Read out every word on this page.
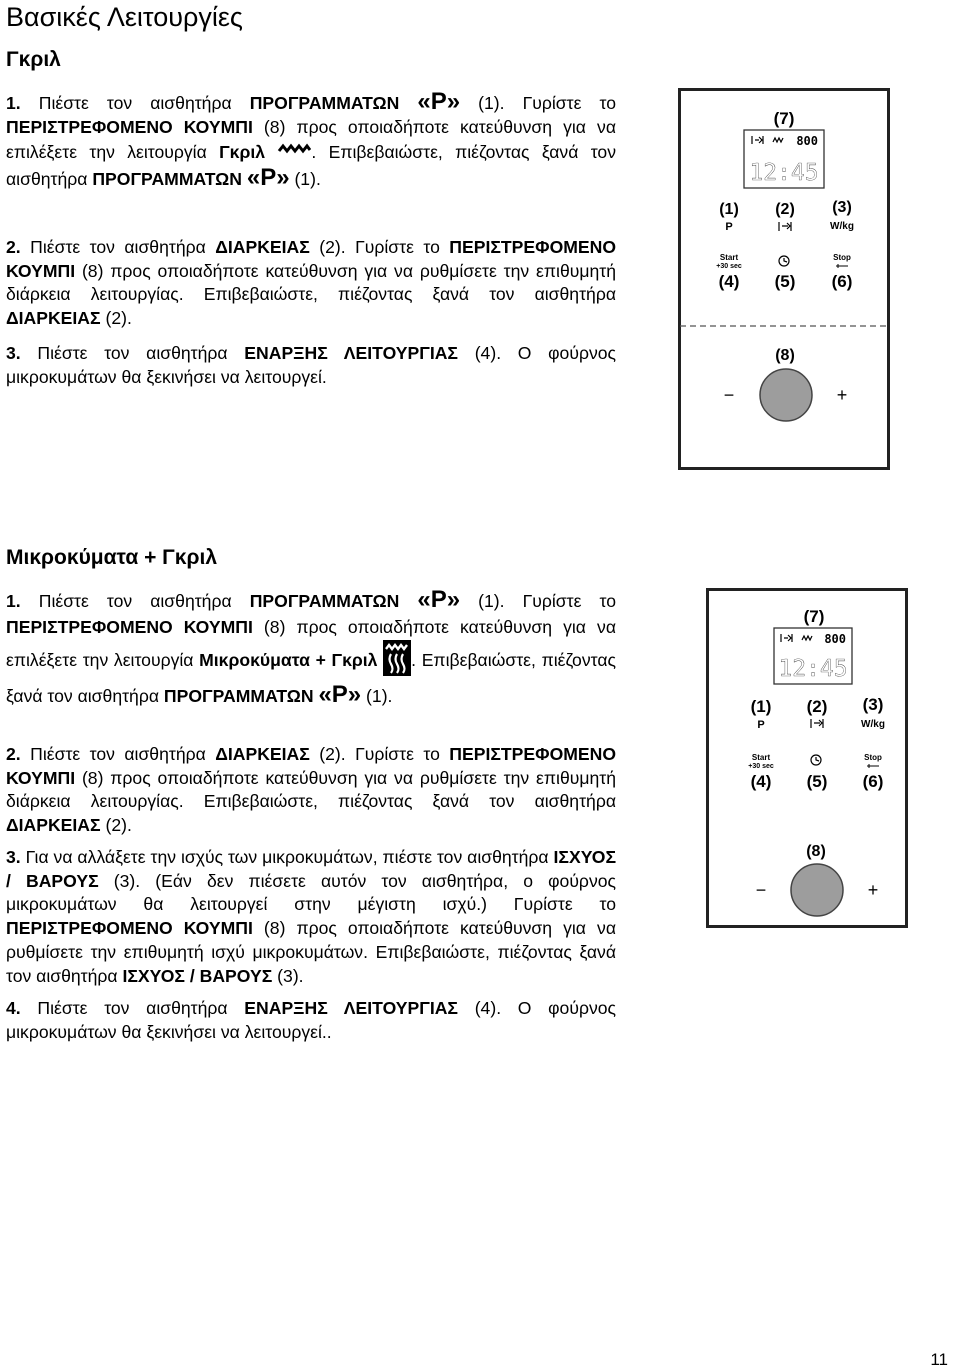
Βασικές Λειτουργίες
Γκριλ

1. Πιέστε τον αισθητήρα ΠΡΟΓΡΑΜΜΑΤΩΝ «P» (1). Γυρίστε το ΠΕΡΙΣΤΡΕΦΟΜΕΝΟ ΚΟΥΜΠΙ (8) προς οποιαδήποτε κατεύθυνση για να επιλέξετε την λειτουργία Γκριλ	. Επιβεβαιώστε, πιέζοντας ξανά τον αισθητήρα ΠΡΟΓΡΑΜΜΑΤΩΝ «P» (1).

2. Πιέστε τον αισθητήρα ΔΙΑΡΚΕΙΑΣ (2). Γυρίστε το ΠΕΡΙΣΤΡΕΦΟΜΕΝΟ ΚΟΥΜΠΙ (8) προς οποιαδήποτε κατεύθυνση για να ρυθμίσετε την επιθυμητή διάρκεια λειτουργίας. Επιβεβαιώστε, πιέζοντας ξανά τον αισθητήρα ΔΙΑΡΚΕΙΑΣ (2).

3. Πιέστε τον αισθητήρα ΕΝΑΡΞΗΣ ΛΕΙΤΟΥΡΓΙΑΣ (4). Ο φούρνος μικροκυμάτων θα ξεκινήσει να λειτουργεί.

Μικροκύματα + Γκριλ

1. Πιέστε τον αισθητήρα ΠΡΟΓΡΑΜΜΑΤΩΝ «P» (1). Γυρίστε το ΠΕΡΙΣΤΡΕΦΟΜΕΝΟ ΚΟΥΜΠΙ (8) προς οποιαδήποτε κατεύθυνση για να επιλέξετε την λειτουργία Μικροκύματα + Γκριλ . Επιβεβαιώστε, πιέζοντας ξανά τον αισθητήρα ΠΡΟΓΡΑΜΜΑΤΩΝ «P» (1).

2. Πιέστε τον αισθητήρα ΔΙΑΡΚΕΙΑΣ (2). Γυρίστε το ΠΕΡΙΣΤΡΕΦΟΜΕΝΟ ΚΟΥΜΠΙ (8) προς οποιαδήποτε κατεύθυνση για να ρυθμίσετε την επιθυμητή διάρκεια λειτουργίας. Επιβεβαιώστε, πιέζοντας ξανά τον αισθητήρα ΔΙΑΡΚΕΙΑΣ (2).

3. Για να αλλάξετε την ισχύς των μικροκυμάτων, πιέστε τον αισθητήρα ΙΣΧΥΟΣ / ΒΑΡΟΥΣ (3). (Εάν δεν πιέσετε αυτόν τον αισθητήρα, ο φούρνος μικροκυμάτων θα λειτουργεί στην μέγιστη ισχύ.) Γυρίστε το ΠΕΡΙΣΤΡΕΦΟΜΕΝΟ ΚΟΥΜΠΙ (8) προς οποιαδήποτε κατεύθυνση για να ρυθμίσετε την επιθυμητή ισχύ μικροκυμάτων. Επιβεβαιώστε, πιέζοντας ξανά τον αισθητήρα ΙΣΧΥΟΣ / ΒΑΡΟΥΣ (3).

4. Πιέστε τον αισθητήρα ΕΝΑΡΞΗΣ ΛΕΙΤΟΥΡΓΙΑΣ (4). Ο φούρνος μικροκυμάτων θα ξεκινήσει να λειτουργεί..

(7)
800
12:45
(1) (2) (3)
P	W/kg
Start
+30 sec
Stop
(4) (5) (6)
(8)
−	+
(7)
800
12:45
(1) (2) (3)
P	W/kg
Start
+30 sec
Stop
(4) (5) (6)
(8)
−	+
11
